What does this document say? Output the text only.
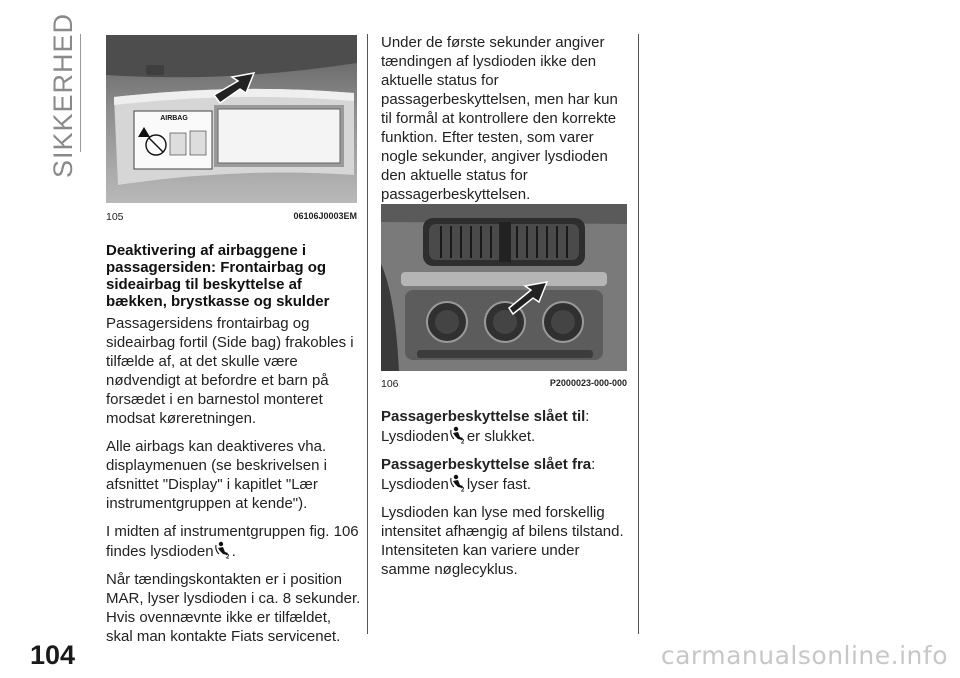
SIKKERHED	AIRBAG
105	06106J0003EM
Deaktivering af airbaggene i passagersiden: Frontairbag og sideairbag til beskyttelse af bækken, brystkasse og skulder

Passagersidens frontairbag og sideairbag fortil (Side bag) frakobles i tilfælde af, at det skulle være nødvendigt at befordre et barn på forsædet i en barnestol monteret modsat køreretningen.

Alle airbags kan deaktiveres vha. displaymenuen (se beskrivelsen i afsnittet "Display" i kapitlet "Lær instrumentgruppen at kende").

I midten af instrumentgruppen fig. 106 findes lysdioden 2 .

Når tændingskontakten er i position MAR, lyser lysdioden i ca. 8 sekunder. Hvis ovennævnte ikke er tilfældet, skal man kontakte Fiats servicenet.

Under de første sekunder angiver tændingen af lysdioden ikke den aktuelle status for passagerbeskyttelsen, men har kun til formål at kontrollere den korrekte funktion. Efter testen, som varer nogle sekunder, angiver lysdioden den aktuelle status for passagerbeskyttelsen.

106	P2000023-000-000

Passagerbeskyttelse slået til:
Lysdioden 2 er slukket.

Passagerbeskyttelse slået fra:
Lysdioden 2 lyser fast.

Lysdioden kan lyse med forskellig intensitet afhængig af bilens tilstand. Intensiteten kan variere under samme nøglecyklus.

104	carmanualsonline.info
